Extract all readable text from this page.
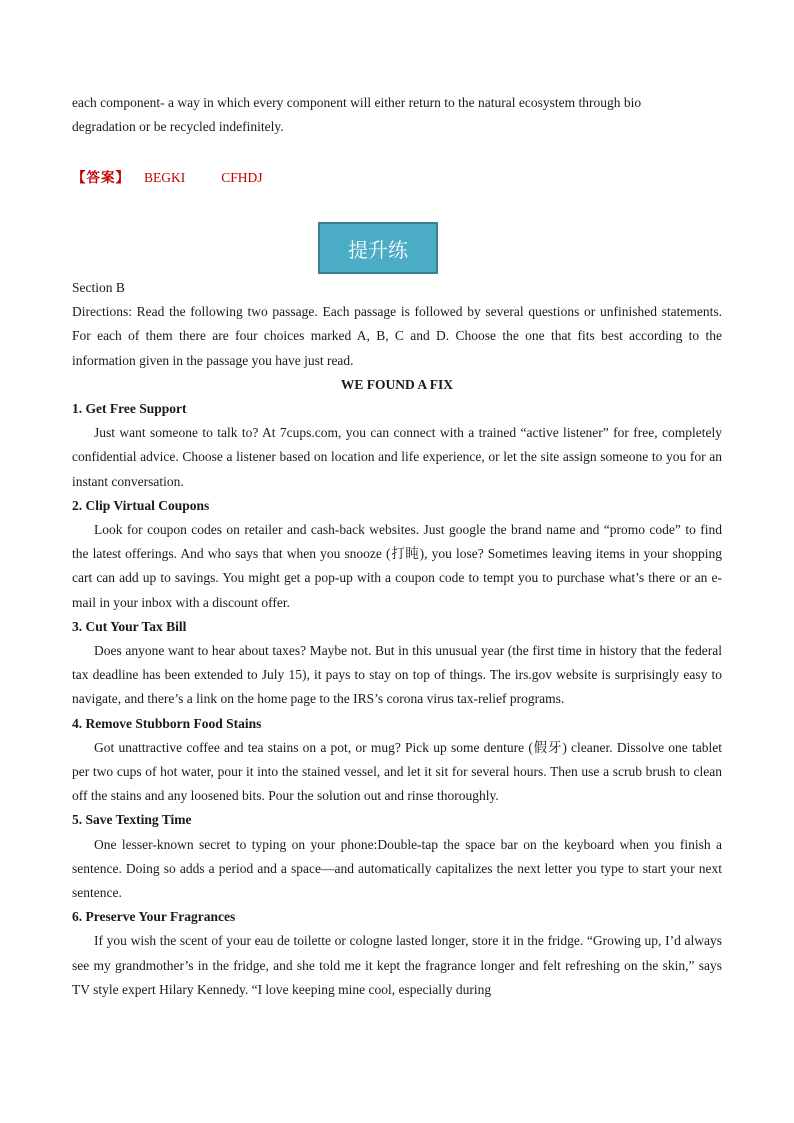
each component- a way in which every component will either return to the natural ecosystem through bio
degradation or be recycled indefinitely.
【答案】 BEGKI	CFHDJ
提升练

Section B

Directions: Read the following two passage. Each passage is followed by several questions or unfinished statements. For each of them there are four choices marked A, B, C and D. Choose the one that fits best according to the information given in the passage you have just read.

WE FOUND A FIX

1. Get Free Support

Just want someone to talk to? At 7cups.com, you can connect with a trained “active listener” for free, completely confidential advice. Choose a listener based on location and life experience, or let the site assign someone to you for an instant conversation.

2. Clip Virtual Coupons

Look for coupon codes on retailer and cash-back websites. Just google the brand name and “promo code” to find the latest offerings. And who says that when you snooze (打盹), you lose? Sometimes leaving items in your shopping cart can add up to savings. You might get a pop-up with a coupon code to tempt you to purchase what’s there or an e-mail in your inbox with a discount offer.

3. Cut Your Tax Bill

Does anyone want to hear about taxes? Maybe not. But in this unusual year (the first time in history that the federal tax deadline has been extended to July 15), it pays to stay on top of things. The irs.gov website is surprisingly easy to navigate, and there’s a link on the home page to the IRS’s corona virus tax-relief programs.

4. Remove Stubborn Food Stains

Got unattractive coffee and tea stains on a pot, or mug? Pick up some denture (假牙) cleaner. Dissolve one tablet per two cups of hot water, pour it into the stained vessel, and let it sit for several hours. Then use a scrub brush to clean off the stains and any loosened bits. Pour the solution out and rinse thoroughly.

5. Save Texting Time

One lesser-known secret to typing on your phone:Double-tap the space bar on the keyboard when you finish a sentence. Doing so adds a period and a space—and automatically capitalizes the next letter you type to start your next sentence.

6. Preserve Your Fragrances

If you wish the scent of your eau de toilette or cologne lasted longer, store it in the fridge. “Growing up, I’d always see my grandmother’s in the fridge, and she told me it kept the fragrance longer and felt refreshing on the skin,” says TV style expert Hilary Kennedy. “I love keeping mine cool, especially during
